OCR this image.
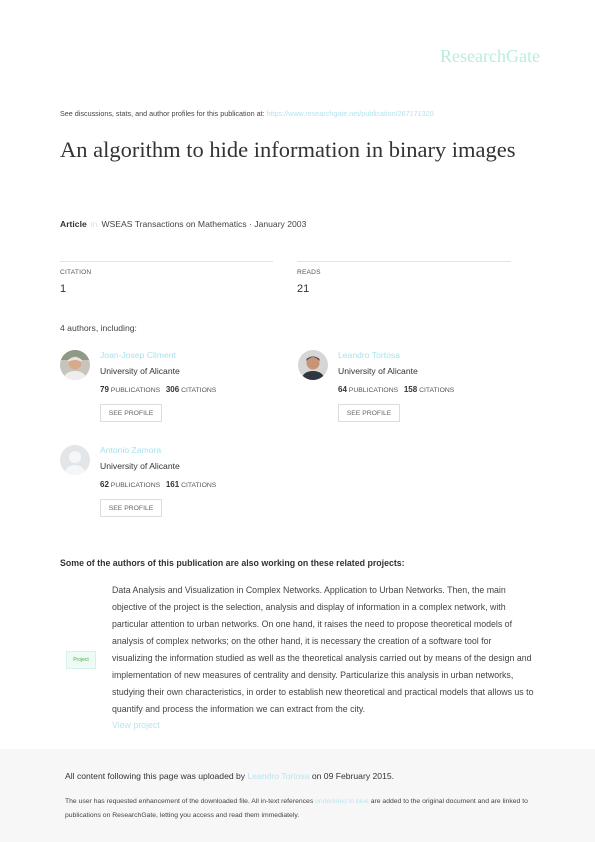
ResearchGate
See discussions, stats, and author profiles for this publication at: https://www.researchgate.net/publication/267171320
An algorithm to hide information in binary images
Article in WSEAS Transactions on Mathematics · January 2003
CITATION
1
READS
21
4 authors, including:
Joan-Josep Climent
University of Alicante
79 PUBLICATIONS 306 CITATIONS
SEE PROFILE
Leandro Tortosa
University of Alicante
64 PUBLICATIONS 158 CITATIONS
SEE PROFILE
Antonio Zamora
University of Alicante
62 PUBLICATIONS 161 CITATIONS
SEE PROFILE
Some of the authors of this publication are also working on these related projects:
Project
Data Analysis and Visualization in Complex Networks. Application to Urban Networks. Then, the main objective of the project is the selection, analysis and display of information in a complex network, with particular attention to urban networks. On one hand, it raises the need to propose theoretical models of analysis of complex networks; on the other hand, it is necessary the creation of a software tool for visualizing the information studied as well as the theoretical analysis carried out by means of the design and implementation of new measures of centrality and density. Particularize this analysis in urban networks, studying their own characteristics, in order to establish new theoretical and practical models that allows us to quantify and process the information we can extract from the city.
View project
All content following this page was uploaded by Leandro Tortosa on 09 February 2015.
The user has requested enhancement of the downloaded file. All in-text references underlined in blue are added to the original document and are linked to publications on ResearchGate, letting you access and read them immediately.
